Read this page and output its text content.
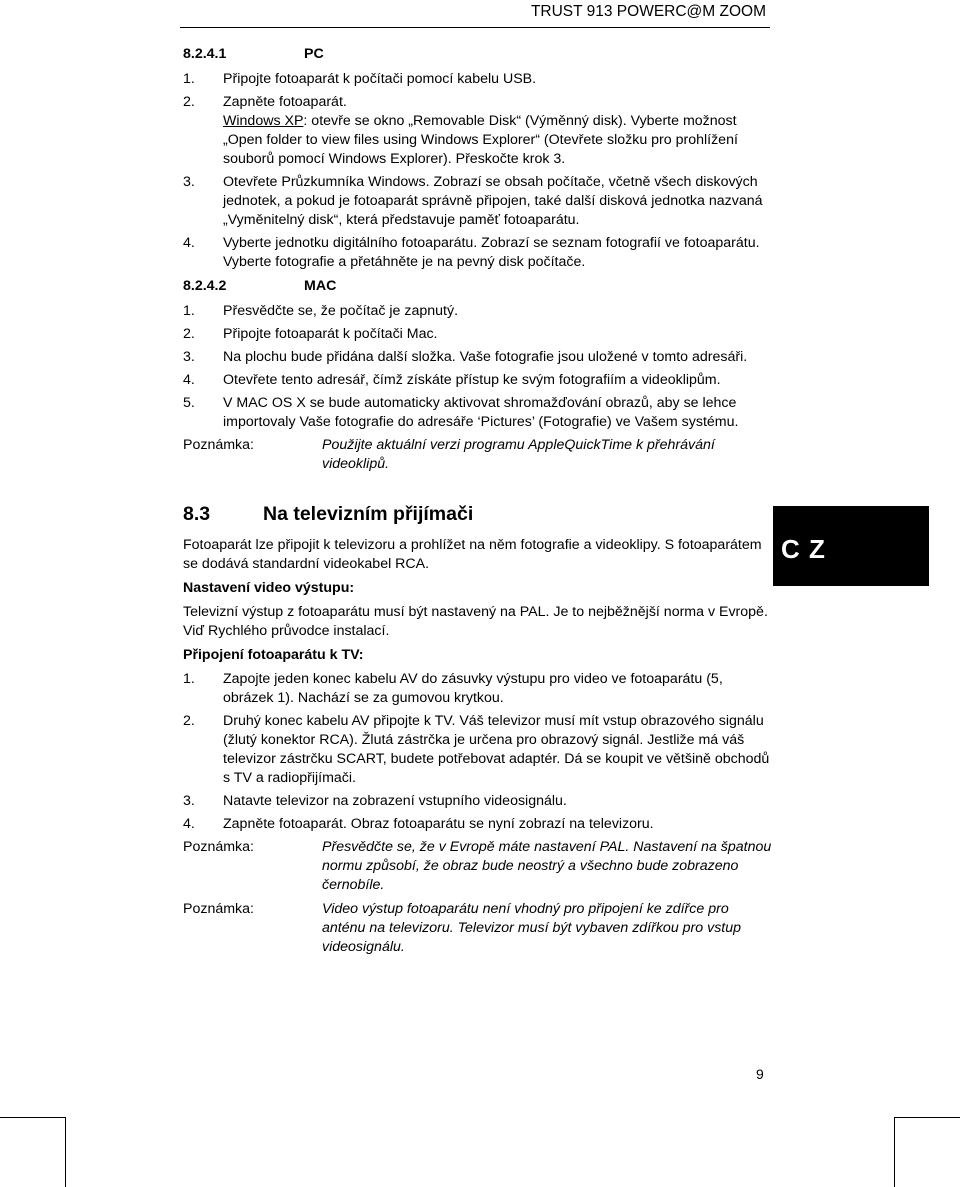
TRUST 913 POWERC@M ZOOM
8.2.4.1	PC
1.	Připojte fotoaparát k počítači pomocí kabelu USB.
2.	Zapněte fotoaparát.
Windows XP: otevře se okno „Removable Disk“ (Výměnný disk). Vyberte možnost „Open folder to view files using Windows Explorer“ (Otevřete složku pro prohlížení souborů pomocí Windows Explorer). Přeskočte krok 3.
3.	Otevřete Průzkumníka Windows. Zobrazí se obsah počítače, včetně všech diskových jednotek, a pokud je fotoaparát správně připojen, také další disková jednotka nazvaná „Vyměnitelný disk“, která představuje paměť fotoaparátu.
4.	Vyberte jednotku digitálního fotoaparátu. Zobrazí se seznam fotografií ve fotoaparátu. Vyberte fotografie a přetáhněte je na pevný disk počítače.
8.2.4.2	MAC
1.	Přesvědčte se, že počítač je zapnutý.
2.	Připojte fotoaparát k počítači Mac.
3.	Na plochu bude přidána další složka. Vaše fotografie jsou uložené v tomto adresáři.
4.	Otevřete tento adresář, čímž získáte přístup ke svým fotografiím a videoklipům.
5.	V MAC OS X se bude automaticky aktivovat shromažďování obrazů, aby se lehce importovaly Vaše fotografie do adresáře ‘Pictures’ (Fotografie) ve Vašem systému.
Poznámka:	Použijte aktuální verzi programu AppleQuickTime k přehrávání videoklipů.
8.3	Na televizním přijímači
Fotoaparát lze připojit k televizoru a prohlížet na něm fotografie a videoklipy. S fotoaparátem se dodává standardní videokabel RCA.
Nastavení video výstupu:
Televizní výstup z fotoaparátu musí být nastavený na PAL. Je to nejběžnější norma v Evropě. Viď Rychlého průvodce instalací.
Připojení fotoaparátu k TV:
1.	Zapojte jeden konec kabelu AV do zásuvky výstupu pro video ve fotoaparátu (5, obrázek 1). Nachází se za gumovou krytkou.
2.	Druhý konec kabelu AV připojte k TV. Váš televizor musí mít vstup obrazového signálu (žlutý konektor RCA). Žlutá zástrčka je určena pro obrazový signál. Jestliže má váš televizor zástrčku SCART, budete potřebovat adaptér. Dá se koupit ve většině obchodů s TV a radiopřijímači.
3.	Natavte televizor na zobrazení vstupního videosignálu.
4.	Zapněte fotoaparát. Obraz fotoaparátu se nyní zobrazí na televizoru.
Poznámka:	Přesvědčte se, že v Evropě máte nastavení PAL. Nastavení na špatnou normu způsobí, že obraz bude neostrý a všechno bude zobrazeno černobíle.
Poznámka:	Video výstup fotoaparátu není vhodný pro připojení ke zdířce pro anténu na televizoru. Televizor musí být vybaven zdířkou pro vstup videosignálu.
C Z
9
